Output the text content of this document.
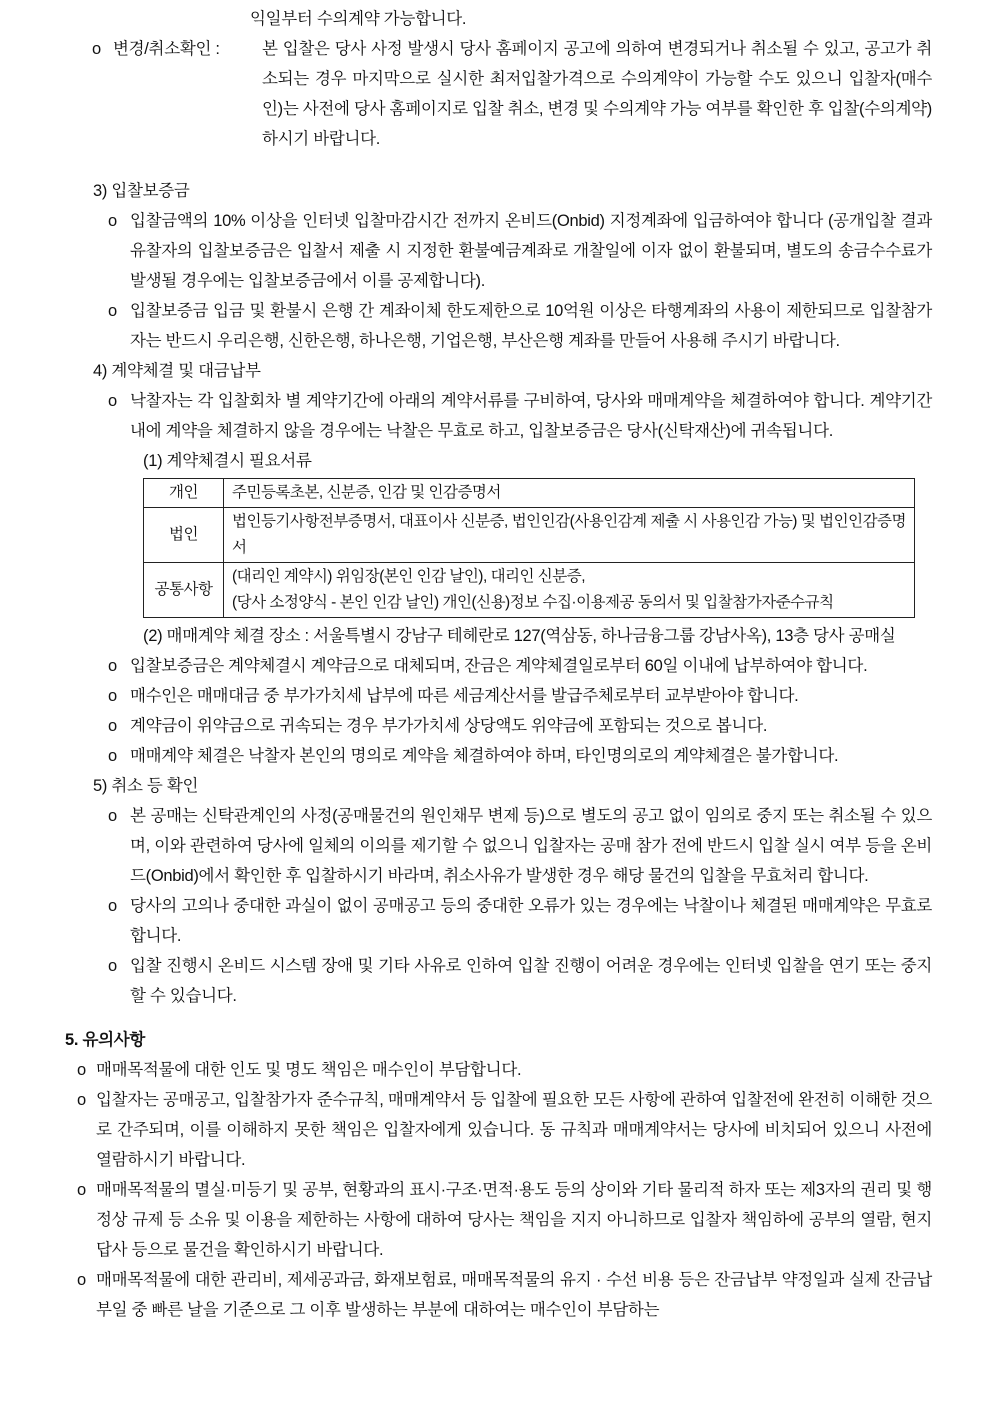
익일부터 수의계약 가능합니다.
o 변경/취소확인 :	본 입찰은 당사 사정 발생시 당사 홈페이지 공고에 의하여 변경되거나 취소될 수 있고, 공고가 취소되는 경우 마지막으로 실시한 최저입찰가격으로 수의계약이 가능할 수도 있으니 입찰자(매수인)는 사전에 당사 홈페이지로 입찰 취소, 변경 및 수의계약 가능 여부를 확인한 후 입찰(수의계약)하시기 바랍니다.
3) 입찰보증금
o 입찰금액의 10% 이상을 인터넷 입찰마감시간 전까지 온비드(Onbid) 지정계좌에 입금하여야 합니다 (공개입찰 결과 유찰자의 입찰보증금은 입찰서 제출 시 지정한 환불예금계좌로 개찰일에 이자 없이 환불되며, 별도의 송금수수료가 발생될 경우에는 입찰보증금에서 이를 공제합니다).
o 입찰보증금 입금 및 환불시 은행 간 계좌이체 한도제한으로 10억원 이상은 타행계좌의 사용이 제한되므로 입찰참가자는 반드시 우리은행, 신한은행, 하나은행, 기업은행, 부산은행 계좌를 만들어 사용해 주시기 바랍니다.
4) 계약체결 및 대금납부
o 낙찰자는 각 입찰회차 별 계약기간에 아래의 계약서류를 구비하여, 당사와 매매계약을 체결하여야 합니다. 계약기간 내에 계약을 체결하지 않을 경우에는 낙찰은 무효로 하고, 입찰보증금은 당사(신탁재산)에 귀속됩니다.
(1) 계약체결시 필요서류
개인	주민등록초본, 신분증, 인감 및 인감증명서

법인	법인등기사항전부증명서, 대표이사 신분증, 법인인감(사용인감계 제출 시 사용인감 가능) 및 법인인감증명서

공통사항	(대리인 계약시) 위임장(본인 인감 날인), 대리인 신분증,
(당사 소정양식 - 본인 인감 날인) 개인(신용)정보 수집·이용제공 동의서 및 입찰참가자준수규칙
(2) 매매계약 체결 장소 : 서울특별시 강남구 테헤란로 127(역삼동, 하나금융그룹 강남사옥), 13층 당사 공매실
o 입찰보증금은 계약체결시 계약금으로 대체되며, 잔금은 계약체결일로부터 60일 이내에 납부하여야 합니다.
o 매수인은 매매대금 중 부가가치세 납부에 따른 세금계산서를 발급주체로부터 교부받아야 합니다.
o 계약금이 위약금으로 귀속되는 경우 부가가치세 상당액도 위약금에 포함되는 것으로 봅니다.
o 매매계약 체결은 낙찰자 본인의 명의로 계약을 체결하여야 하며, 타인명의로의 계약체결은 불가합니다.
5) 취소 등 확인
o 본 공매는 신탁관계인의 사정(공매물건의 원인채무 변제 등)으로 별도의 공고 없이 임의로 중지 또는 취소될 수 있으며, 이와 관련하여 당사에 일체의 이의를 제기할 수 없으니 입찰자는 공매 참가 전에 반드시 입찰 실시 여부 등을 온비드(Onbid)에서 확인한 후 입찰하시기 바라며, 취소사유가 발생한 경우 해당 물건의 입찰을 무효처리 합니다.
o 당사의 고의나 중대한 과실이 없이 공매공고 등의 중대한 오류가 있는 경우에는 낙찰이나 체결된 매매계약은 무효로 합니다.
o 입찰 진행시 온비드 시스템 장애 및 기타 사유로 인하여 입찰 진행이 어려운 경우에는 인터넷 입찰을 연기 또는 중지할 수 있습니다.
5. 유의사항
o 매매목적물에 대한 인도 및 명도 책임은 매수인이 부담합니다.
o 입찰자는 공매공고, 입찰참가자 준수규칙, 매매계약서 등 입찰에 필요한 모든 사항에 관하여 입찰전에 완전히 이해한 것으로 간주되며, 이를 이해하지 못한 책임은 입찰자에게 있습니다. 동 규칙과 매매계약서는 당사에 비치되어 있으니 사전에 열람하시기 바랍니다.
o 매매목적물의 멸실·미등기 및 공부, 현황과의 표시·구조·면적·용도 등의 상이와 기타 물리적 하자 또는 제3자의 권리 및 행정상 규제 등 소유 및 이용을 제한하는 사항에 대하여 당사는 책임을 지지 아니하므로 입찰자 책임하에 공부의 열람, 현지 답사 등으로 물건을 확인하시기 바랍니다.
o 매매목적물에 대한 관리비, 제세공과금, 화재보험료, 매매목적물의 유지 · 수선 비용 등은 잔금납부 약정일과 실제 잔금납부일 중 빠른 날을 기준으로 그 이후 발생하는 부분에 대하여는 매수인이 부담하는
